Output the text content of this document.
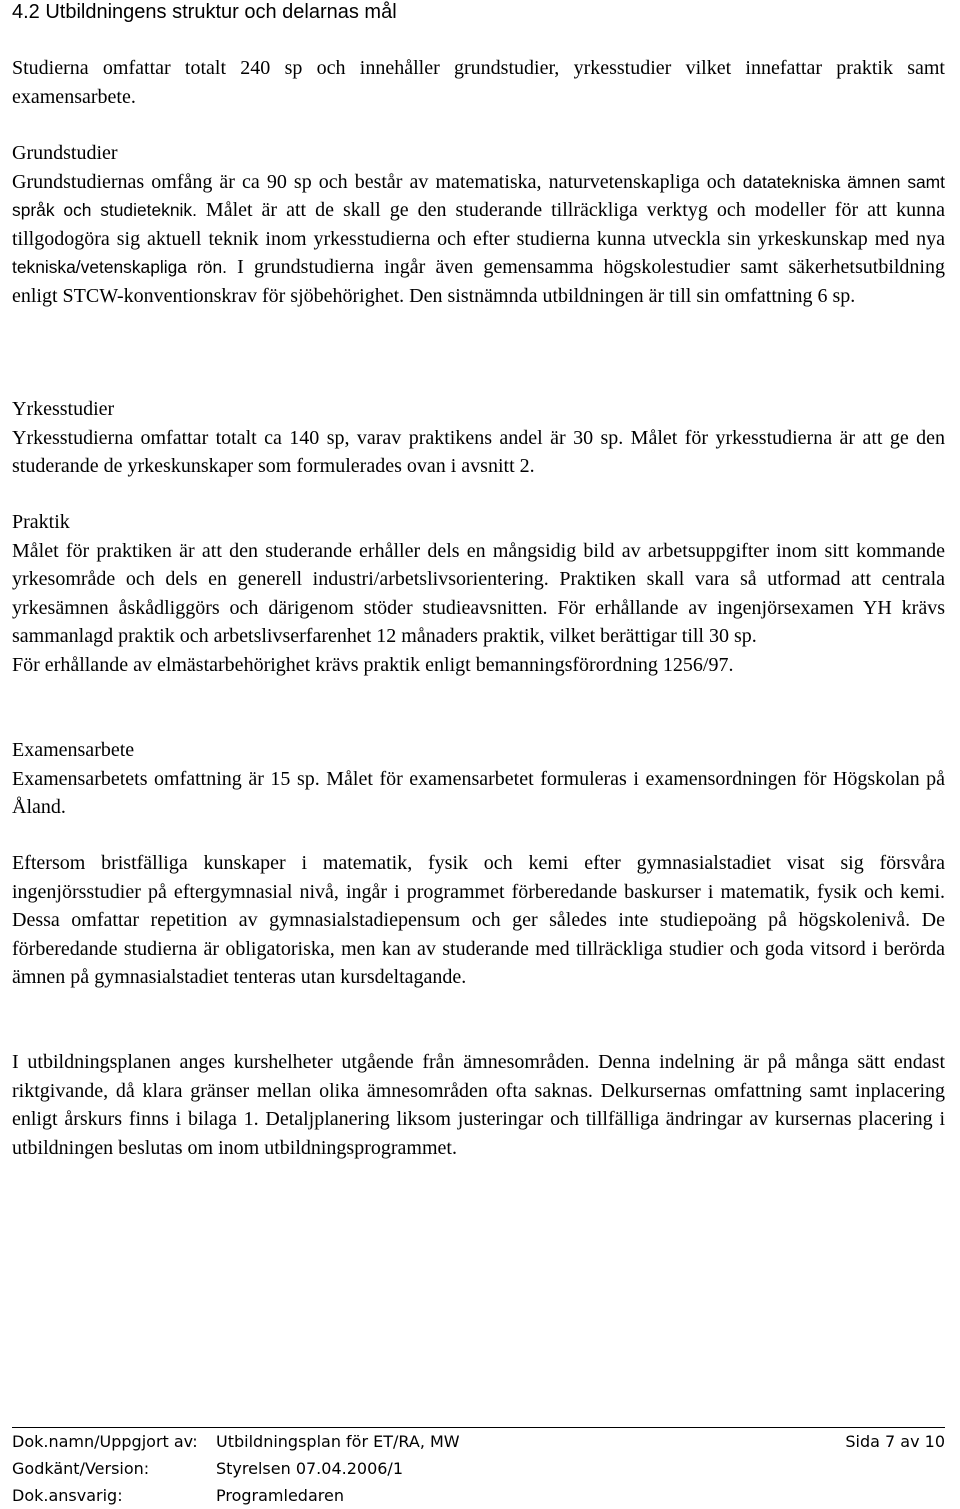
4.2 Utbildningens struktur och delarnas mål

Studierna omfattar totalt 240 sp och innehåller grundstudier, yrkesstudier vilket innefattar praktik samt examensarbete.

Grundstudier

Grundstudiernas omfång är ca 90 sp och består av matematiska, naturvetenskapliga och datatekniska ämnen samt språk och studieteknik. Målet är att de skall ge den studerande tillräckliga verktyg och modeller för att kunna tillgodogöra sig aktuell teknik inom yrkesstudierna och efter studierna kunna utveckla sin yrkeskunskap med nya tekniska/vetenskapliga rön. I grundstudierna ingår även gemensamma högskolestudier samt säkerhetsutbildning enligt STCW-konventionskrav för sjöbehörighet. Den sistnämnda utbildningen är till sin omfattning 6 sp.

Yrkesstudier

Yrkesstudierna omfattar totalt ca 140 sp, varav praktikens andel är 30 sp. Målet för yrkesstudierna är att ge den studerande de yrkeskunskaper som formulerades ovan i avsnitt 2.

Praktik

Målet för praktiken är att den studerande erhåller dels en mångsidig bild av arbetsuppgifter inom sitt kommande yrkesområde och dels en generell industri/arbetslivsorientering. Praktiken skall vara så utformad att centrala yrkesämnen åskådliggörs och därigenom stöder studieavsnitten. För erhållande av ingenjörsexamen YH krävs sammanlagd praktik och arbetslivserfarenhet 12 månaders praktik, vilket berättigar till 30 sp.

För erhållande av elmästarbehörighet krävs praktik enligt bemanningsförordning 1256/97.

Examensarbete

Examensarbetets omfattning är 15 sp. Målet för examensarbetet formuleras i examensordningen för Högskolan på Åland.

Eftersom bristfälliga kunskaper i matematik, fysik och kemi efter gymnasialstadiet visat sig försvåra ingenjörsstudier på eftergymnasial nivå, ingår i programmet förberedande baskurser i matematik, fysik och kemi. Dessa omfattar repetition av gymnasialstadiepensum och ger således inte studiepoäng på högskolenivå. De förberedande studierna är obligatoriska, men kan av studerande med tillräckliga studier och goda vitsord i berörda ämnen på gymnasialstadiet tenteras utan kursdeltagande.

I utbildningsplanen anges kurshelheter utgående från ämnesområden. Denna indelning är på många sätt endast riktgivande, då klara gränser mellan olika ämnesområden ofta saknas. Delkursernas omfattning samt inplacering enligt årskurs finns i bilaga 1. Detaljplanering liksom justeringar och tillfälliga ändringar av kursernas placering i utbildningen beslutas om inom utbildningsprogrammet.

Dok.namn/Uppgjort av: Utbildningsplan för ET/RA, MW	Sida 7 av 10
Godkänt/Version:	Styrelsen 07.04.2006/1
Dok.ansvarig:	Programledaren
